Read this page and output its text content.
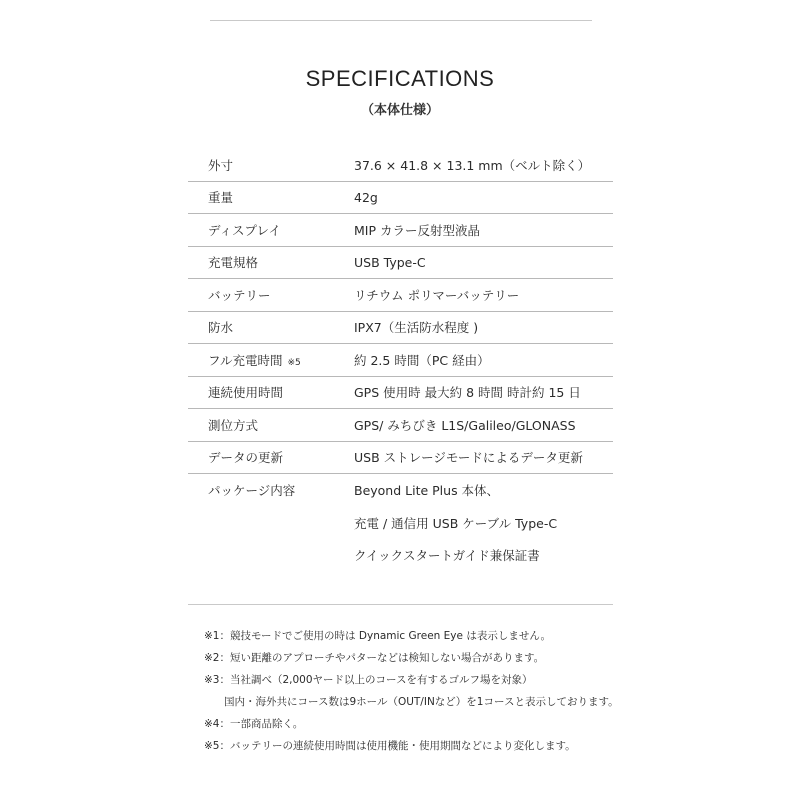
SPECIFICATIONS
（本体仕様）
外寸	37.6 × 41.8 × 13.1 mm（ベルト除く）
重量	42g
ディスプレイ	MIP カラー反射型液晶
充電規格	USB Type-C
バッテリー	リチウム ポリマーバッテリー
防水	IPX7（生活防水程度 )
フル充電時間 ※5	約 2.5 時間（PC 経由）
連続使用時間	GPS 使用時 最大約 8 時間 時計約 15 日
測位方式	GPS/ みちびき L1S/Galileo/GLONASS
データの更新	USB ストレージモードによるデータ更新
パッケージ内容	Beyond Lite Plus 本体、
充電 / 通信用 USB ケーブル Type-C
クイックスタートガイド兼保証書
※1：競技モードでご使用の時は Dynamic Green Eye は表示しません。
※2：短い距離のアプローチやパターなどは検知しない場合があります。
※3：当社調べ（2,000ヤード以上のコースを有するゴルフ場を対象）
国内・海外共にコース数は9ホール（OUT/INなど）を1コースと表示しております。
※4：一部商品除く。
※5：バッテリーの連続使用時間は使用機能・使用期間などにより変化します。
